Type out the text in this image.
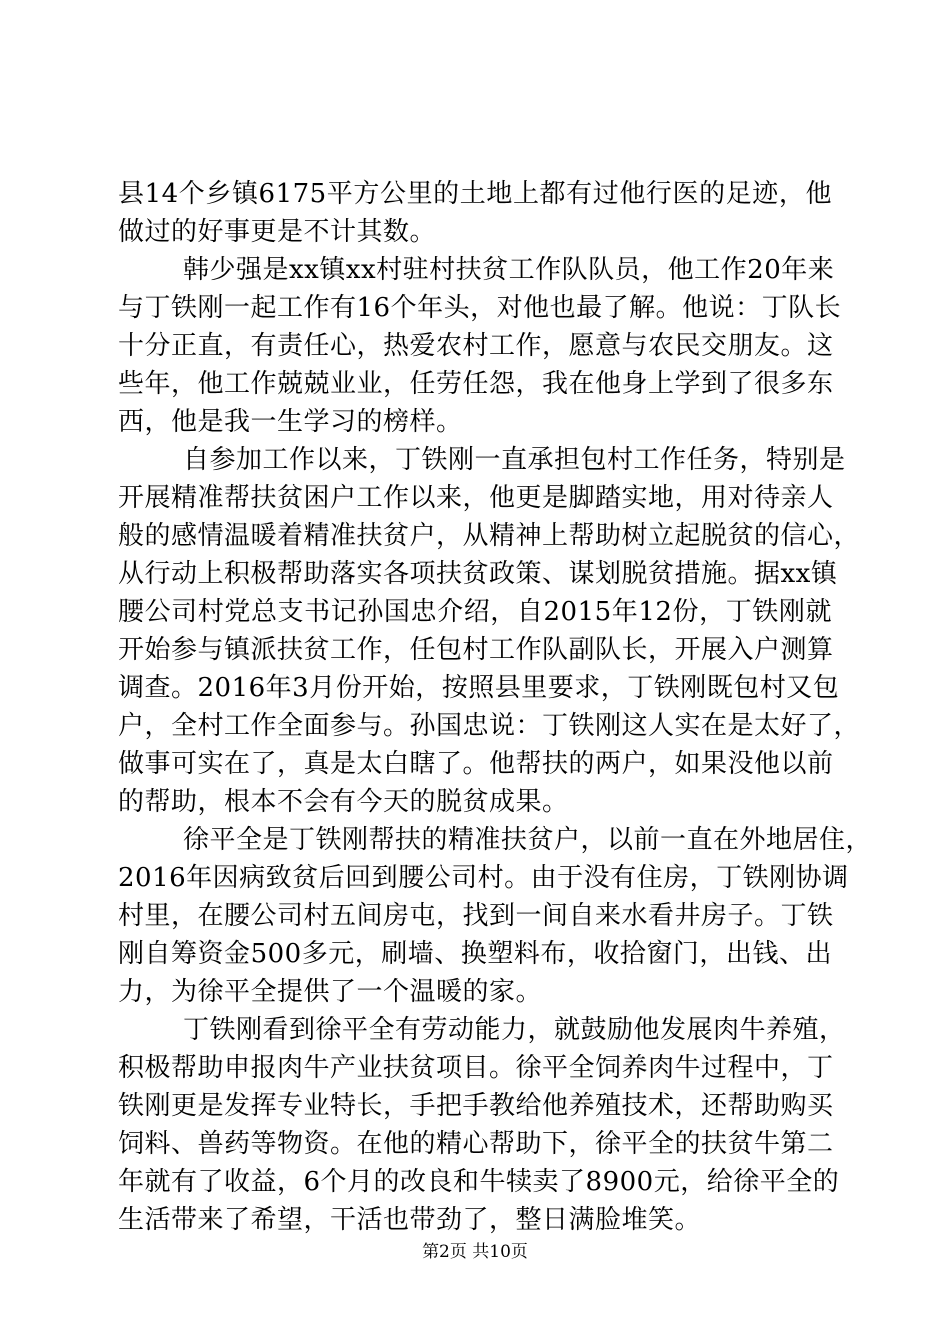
县14个乡镇6175平方公里的土地上都有过他行医的足迹，他
做过的好事更是不计其数。
韩少强是xx镇xx村驻村扶贫工作队队员，他工作20年来
与丁铁刚一起工作有16个年头，对他也最了解。他说：丁队长
十分正直，有责任心，热爱农村工作，愿意与农民交朋友。这
些年，他工作兢兢业业，任劳任怨，我在他身上学到了很多东
西，他是我一生学习的榜样。
自参加工作以来，丁铁刚一直承担包村工作任务，特别是
开展精准帮扶贫困户工作以来，他更是脚踏实地，用对待亲人
般的感情温暖着精准扶贫户，从精神上帮助树立起脱贫的信心，
从行动上积极帮助落实各项扶贫政策、谋划脱贫措施。据xx镇
腰公司村党总支书记孙国忠介绍，自2015年12份，丁铁刚就
开始参与镇派扶贫工作，任包村工作队副队长，开展入户测算
调查。2016年3月份开始，按照县里要求，丁铁刚既包村又包
户，全村工作全面参与。孙国忠说：丁铁刚这人实在是太好了，
做事可实在了，真是太白瞎了。他帮扶的两户，如果没他以前
的帮助，根本不会有今天的脱贫成果。
徐平全是丁铁刚帮扶的精准扶贫户，以前一直在外地居住，
2016年因病致贫后回到腰公司村。由于没有住房，丁铁刚协调
村里，在腰公司村五间房屯，找到一间自来水看井房子。丁铁
刚自筹资金500多元，刷墙、换塑料布，收拾窗门，出钱、出
力，为徐平全提供了一个温暖的家。
丁铁刚看到徐平全有劳动能力，就鼓励他发展肉牛养殖，
积极帮助申报肉牛产业扶贫项目。徐平全饲养肉牛过程中，丁
铁刚更是发挥专业特长，手把手教给他养殖技术，还帮助购买
饲料、兽药等物资。在他的精心帮助下，徐平全的扶贫牛第二
年就有了收益，6个月的改良和牛犊卖了8900元，给徐平全的
生活带来了希望，干活也带劲了，整日满脸堆笑。
第2页 共10页
